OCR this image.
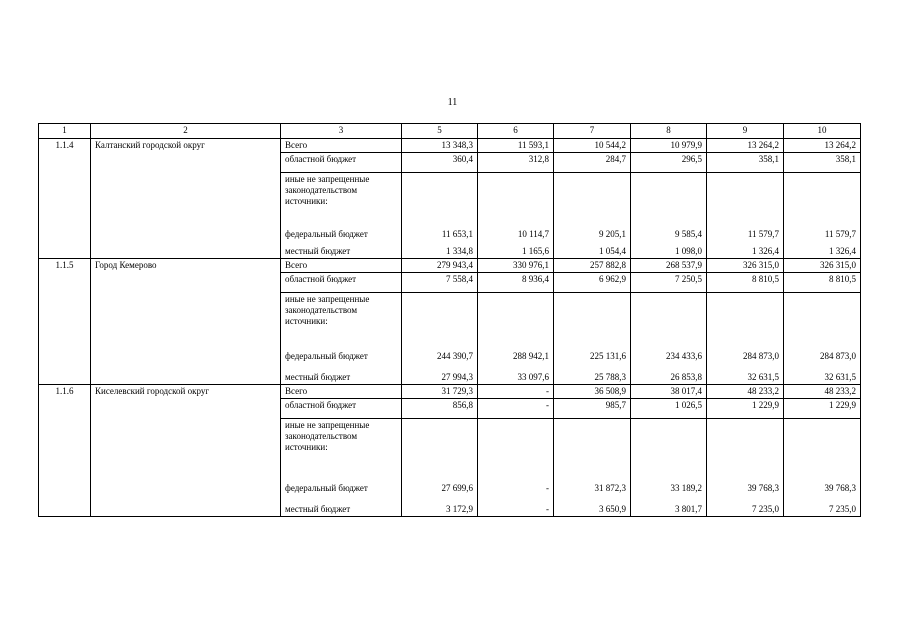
11
1	2	3	5	6	7	8	9	10
1.1.4	Калтанский городской округ	Всего	13 348,3	11 593,1	10 544,2	10 979,9	13 264,2	13 264,2
		областной бюджет	360,4	312,8	284,7	296,5	358,1	358,1
		иные не запрещенные законодательством источники:						
		федеральный бюджет	11 653,1	10 114,7	9 205,1	9 585,4	11 579,7	11 579,7
		местный бюджет	1 334,8	1 165,6	1 054,4	1 098,0	1 326,4	1 326,4
1.1.5	Город Кемерово	Всего	279 943,4	330 976,1	257 882,8	268 537,9	326 315,0	326 315,0
		областной бюджет	7 558,4	8 936,4	6 962,9	7 250,5	8 810,5	8 810,5
		иные не запрещенные законодательством источники:						
		федеральный бюджет	244 390,7	288 942,1	225 131,6	234 433,6	284 873,0	284 873,0
		местный бюджет	27 994,3	33 097,6	25 788,3	26 853,8	32 631,5	32 631,5
1.1.6	Киселевский городской округ	Всего	31 729,3	-	36 508,9	38 017,4	48 233,2	48 233,2
		областной бюджет	856,8	-	985,7	1 026,5	1 229,9	1 229,9
		иные не запрещенные законодательством источники:						
		федеральный бюджет	27 699,6	-	31 872,3	33 189,2	39 768,3	39 768,3
		местный бюджет	3 172,9	-	3 650,9	3 801,7	7 235,0	7 235,0
